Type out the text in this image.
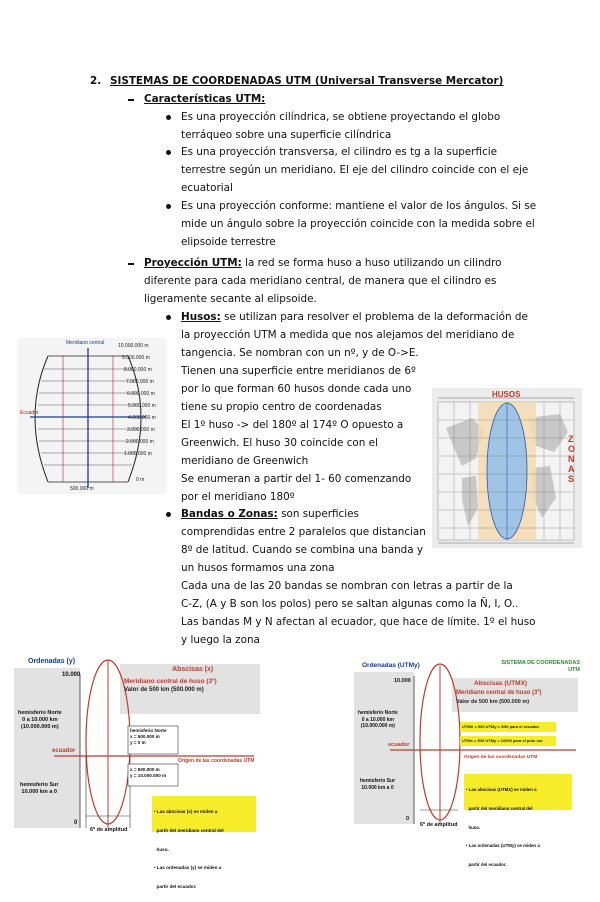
2. SISTEMAS DE COORDENADAS UTM (Universal Transverse Mercator)
Características UTM:
Es una proyección cilíndrica, se obtiene proyectando el globo
terráqueo sobre una superficie cilíndrica
Es una proyección transversa, el cilindro es tg a la superficie
terrestre según un meridiano. El eje del cilindro coincide con el eje
ecuatorial
Es una proyección conforme: mantiene el valor de los ángulos. Si se
mide un ángulo sobre la proyección coincide con la medida sobre el
elipsoide terrestre
Proyección UTM: la red se forma huso a huso utilizando un cilindro
diferente para cada meridiano central, de manera que el cilindro es
ligeramente secante al elipsoide.
Husos: se utilizan para resolver el problema de la deformación de
la proyección UTM a medida que nos alejamos del meridiano de
tangencia. Se nombran con un nº, y de O->E.
Tienen una superficie entre meridianos de 6º
por lo que forman 60 husos donde cada uno
tiene su propio centro de coordenadas
El 1º huso -> del 180º al 174º O opuesto a
Greenwich. El huso 30 coincide con el
meridiano de Greenwich
Se enumeran a partir del 1- 60 comenzando
por el meridiano 180º
Bandas o Zonas: son superficies
comprendidas entre 2 paralelos que distancian
8º de latitud. Cuando se combina una banda y
un husos formamos una zona
Cada una de las 20 bandas se nombran con letras a partir de la
C-Z, (A y B son los polos) pero se saltan algunas como la Ñ, I, O..
Las bandas M y N afectan al ecuador, que hace de límite. 1º el huso
y luego la zona
Meridiano central
Ecuador
500.000 m
10.000.000 m
9.000.000 m
8.000.000 m
7.000.000 m
6.000.000 m
5.000.000 m
4.000.000 m
3.000.000 m
2.000.000 m
1.000.000 m
0 m
HUSOS
ZONAS
Ordenadas (y)
Abscisas (x)
Meridiano central de huso (3º)
Valor de 500 km (500.000 m)
10.000
0
hemisferio Norte
0 a 10.000 km
(10.000.000 m)
hemisferio Sur
10.000 km a 0
ecuador
Origen de las coordenadas UTM
hemisferio Norte
x = 500.000 m
y = 0 m
x = 500.000 m
y = 10.000.000 m

• Las abscisas (x) se miden a

partir del meridiano central del

huso.

• Las ordenadas (y) se miden a

partir del ecuador.

6º de amplitud
Ordenadas (UTMy)	SISTEMA DE COORDENADAS
UTM
Abscisas (UTMX)
Meridiano central de huso (3º)
Valor de 500 km (500.000 m)
10.000
0
hemisferio Norte
0 a 10.000 km
(10.000.000 m)
hemisferio Sur
10.000 km a 0
ecuador
Origen de las coordenadas UTM
UTMX = 500 UTMy = 0N0 para el ecuador
UTMx = 500 UTMy = 10000 para el polo sur

• Las abscisas (UTMX) se miden a

partir del meridiano central del

huso.

• Las ordenadas (UTMy) se miden a

partir del ecuador.

6º de amplitud
